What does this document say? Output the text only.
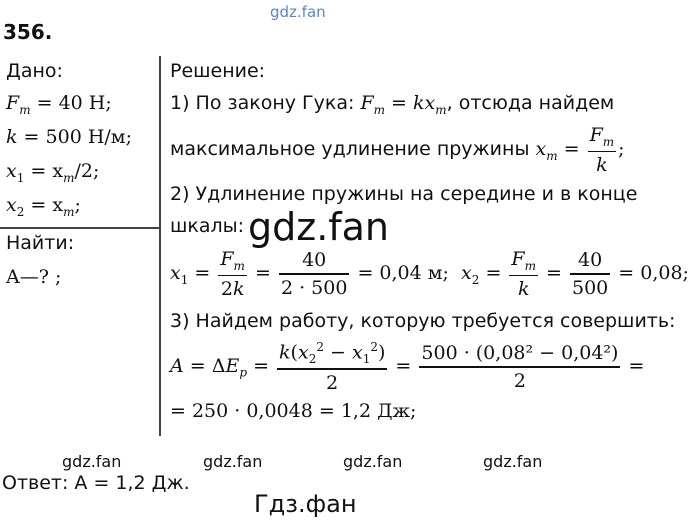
gdz.fan
356.
Дано:
$F_m = 40$ Н;
k = 500 Н/м;
$x_1 = x_m/2$;
$x_2 = x_m$;
Найти:
A—? ;
Решение:
1) По закону Гука: $F_m = kx_m$, отсюда найдем
максимальное удлинение пружины $x_m = \frac{F_m}{k}$ ;
2) Удлинение пружины на середине и в конце
шкалы: gdz.fan
$x_1 = \frac{F_m}{2k} = \frac{40}{2 \cdot 500} = 0,04$ м; $x_2 = \frac{F_m}{k} = \frac{40}{500} = 0,08$;
3) Найдем работу, которую требуется совершить:
$A = \Delta E_p = \frac{k(x_2^2 - x_1^2)}{2} = \frac{\text{500 · (0,08² − 0,04²)}}{2}$ =
= 250 · 0,0048 = 1,2 Дж;
gdz.fan	gdz.fan	gdz.fan	gdz.fan
Ответ: A = 1,2 Дж.
Гдз.фан
